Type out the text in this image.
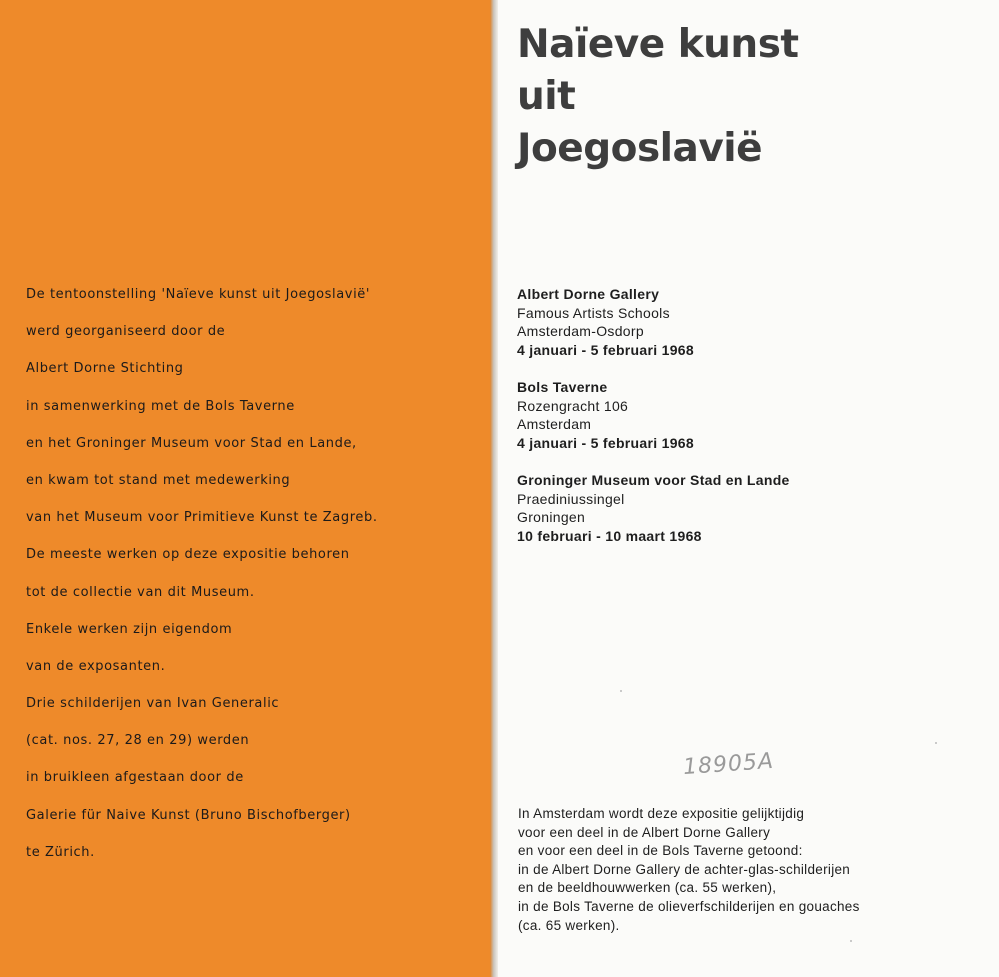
De tentoonstelling 'Naïeve kunst uit Joegoslavië'
werd georganiseerd door de
Albert Dorne Stichting
in samenwerking met de Bols Taverne
en het Groninger Museum voor Stad en Lande,
en kwam tot stand met medewerking
van het Museum voor Primitieve Kunst te Zagreb.
De meeste werken op deze expositie behoren
tot de collectie van dit Museum.
Enkele werken zijn eigendom
van de exposanten.
Drie schilderijen van Ivan Generalic
(cat. nos. 27, 28 en 29) werden
in bruikleen afgestaan door de
Galerie für Naive Kunst (Bruno Bischofberger)
te Zürich.
Naïeve kunst
uit
Joegoslavië
Albert Dorne Gallery
Famous Artists Schools
Amsterdam-Osdorp
4 januari - 5 februari 1968
Bols Taverne
Rozengracht 106
Amsterdam
4 januari - 5 februari 1968
Groninger Museum voor Stad en Lande
Praediniussingel
Groningen
10 februari - 10 maart 1968
18905A
In Amsterdam wordt deze expositie gelijktijdig
voor een deel in de Albert Dorne Gallery
en voor een deel in de Bols Taverne getoond:
in de Albert Dorne Gallery de achter-glas-schilderijen
en de beeldhouwwerken (ca. 55 werken),
in de Bols Taverne de olieverfschilderijen en gouaches
(ca. 65 werken).
